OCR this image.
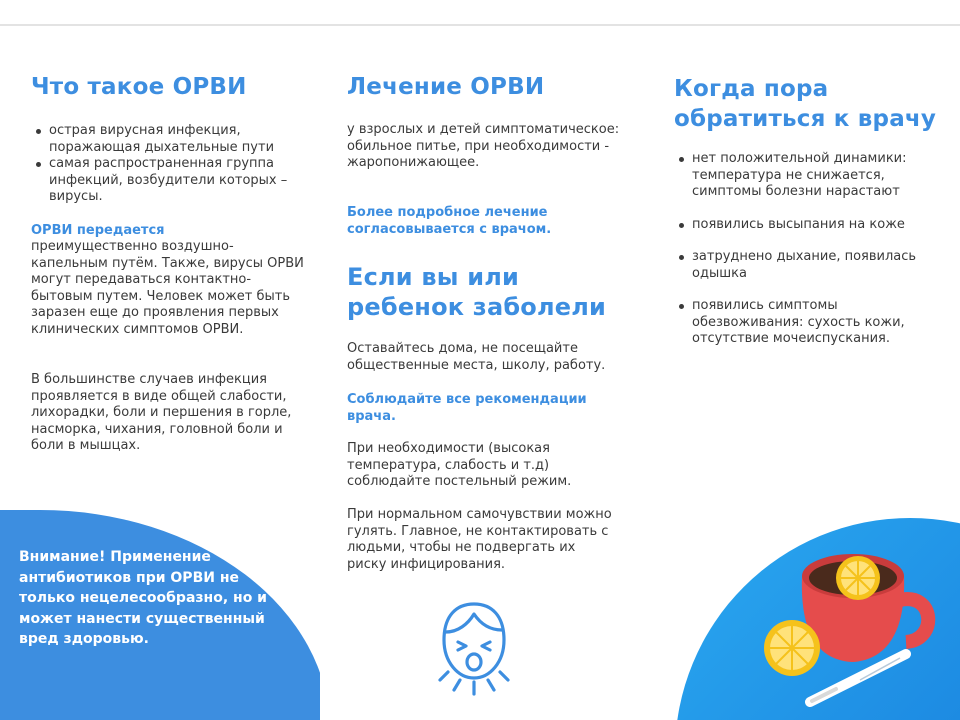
Что такое ОРВИ
острая вирусная инфекция, поражающая дыхательные пути
самая распространенная группа инфекций, возбудители которых – вирусы.
ОРВИ передается

преимущественно воздушно-капельным путём. Также, вирусы ОРВИ могут передаваться контактно-бытовым путем. Человек может быть заразен еще до проявления первых клинических симптомов ОРВИ.

В большинстве случаев инфекция проявляется в виде общей слабости, лихорадки, боли и першения в горле, насморка, чихания, головной боли и боли в мышцах.

Внимание! Применение антибиотиков при ОРВИ не только нецелесообразно, но и может нанести существенный вред здоровью.

Лечение ОРВИ

у взрослых и детей симптоматическое: обильное питье, при необходимости - жаропонижающее.

Более подробное лечение согласовывается с врачом.

Если вы или ребенок заболели

Оставайтесь дома, не посещайте общественные места, школу, работу.

Соблюдайте все рекомендации врача.

При необходимости (высокая температура, слабость и т.д) соблюдайте постельный режим.

При нормальном самочувствии можно гулять. Главное, не контактировать с людьми, чтобы не подвергать их риску инфицирования.

Когда пора обратиться к врачу
нет положительной динамики: температура не снижается, симптомы болезни нарастают
появились высыпания на коже
затруднено дыхание, появилась одышка
появились симптомы обезвоживания: сухость кожи, отсутствие мочеиспускания.
